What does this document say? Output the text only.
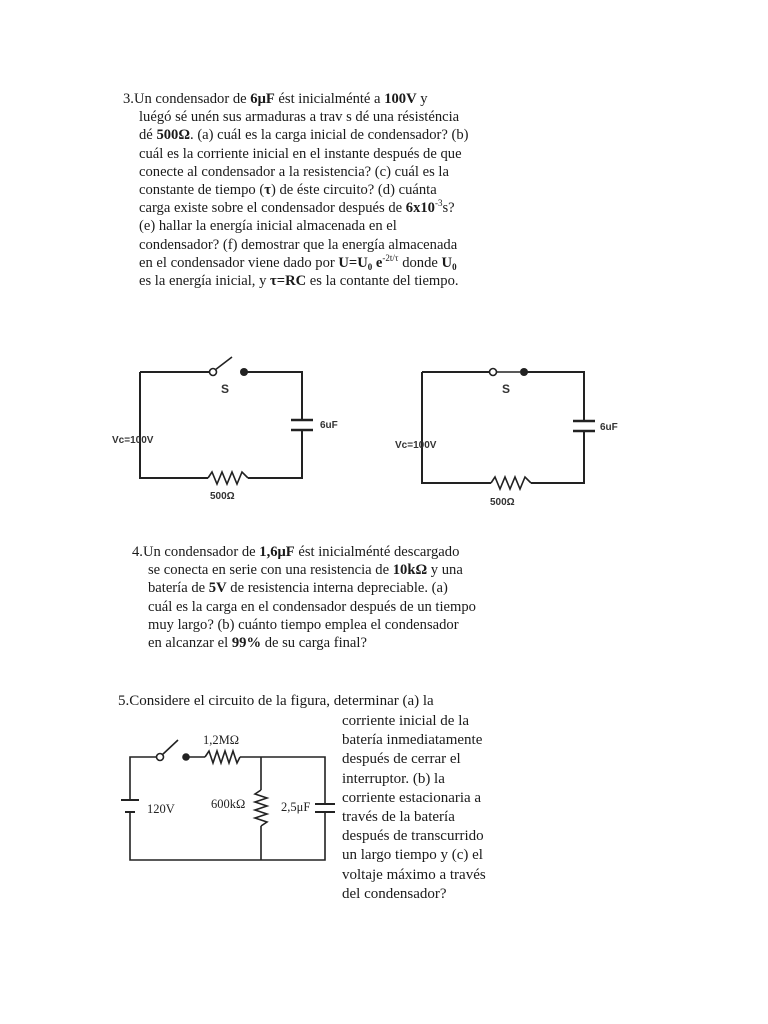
3.Un condensador de 6μF ést inicialménté a 100V y

luégó sé unén sus armaduras a trav s dé una résisténcia

dé 500Ω. (a) cuál es la carga inicial de condensador? (b)

cuál es la corriente inicial en el instante después de que

conecte al condensador a la resistencia? (c) cuál es la

constante de tiempo (τ) de éste circuito? (d) cuánta

carga existe sobre el condensador después de $6x10^{-3}s$?

(e) hallar la energía inicial almacenada en el

condensador? (f) demostrar que la energía almacenada

en el condensador viene dado por $U=U_0$ $e^{-2t/\tau}$ donde $U_0$

es la energía inicial, y τ=RC es la contante del tiempo.

S
6uF
Vc=100V
500Ω
S
6uF
Vc=100V
500Ω

4.Un condensador de 1,6μF ést inicialménté descargado

se conecta en serie con una resistencia de 10kΩ y una

batería de 5V de resistencia interna depreciable. (a)

cuál es la carga en el condensador después de un tiempo

muy largo? (b) cuánto tiempo emplea el condensador

en alcanzar el 99% de su carga final?

5.Considere el circuito de la figura, determinar (a) la

corriente inicial de la

batería inmediatamente

después de cerrar el

interruptor. (b) la

corriente estacionaria a

través de la batería

después de transcurrido

un largo tiempo y (c) el

voltaje máximo a través

del condensador?

1,2MΩ
120V	600kΩ	2,5μF
